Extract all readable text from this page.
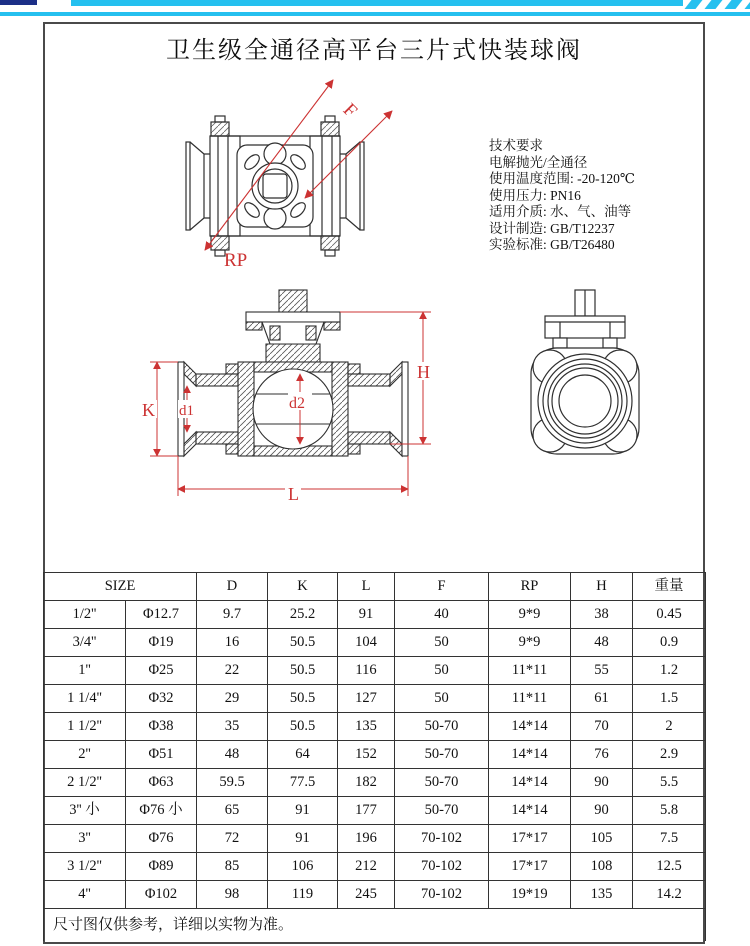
卫生级全通径高平台三片式快装球阀
技术要求
电解抛光/全通径
使用温度范围: -20-120℃
使用压力: PN16
适用介质: 水、气、油等
设计制造: GB/T12237
实验标准: GB/T26480
F
RP
K d1	d2
H
L
SIZE		D	K	L	F	RP	H	重量
1/2''	Φ12.7	9.7	25.2	91	40	9*9	38	0.45
3/4''	Φ19	16	50.5	104	50	9*9	48	0.9
1''	Φ25	22	50.5	116	50	11*11	55	1.2
1 1/4''	Φ32	29	50.5	127	50	11*11	61	1.5
1 1/2''	Φ38	35	50.5	135	50-70	14*14	70	2
2''	Φ51	48	64	152	50-70	14*14	76	2.9
2 1/2''	Φ63	59.5	77.5	182	50-70	14*14	90	5.5
3'' 小	Φ76 小	65	91	177	50-70	14*14	90	5.8
3''	Φ76	72	91	196	70-102	17*17	105	7.5
3 1/2''	Φ89	85	106	212	70-102	17*17	108	12.5
4''	Φ102	98	119	245	70-102	19*19	135	14.2
尺寸图仅供参考，详细以实物为准。								
